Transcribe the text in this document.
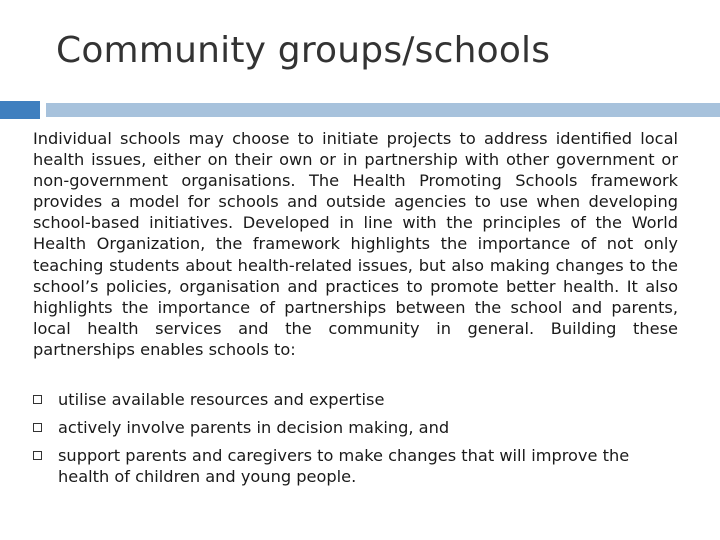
Community groups/schools
Individual schools may choose to initiate projects to address identified local health issues, either on their own or in partnership with other government or non-government organisations. The Health Promoting Schools framework provides a model for schools and outside agencies to use when developing school-based initiatives. Developed in line with the principles of the World Health Organization, the framework highlights the importance of not only teaching students about health-related issues, but also making changes to the school’s policies, organisation and practices to promote better health. It also highlights the importance of partnerships between the school and parents, local health services and the community in general. Building these partnerships enables schools to:
utilise available resources and expertise
actively involve parents in decision making, and
support parents and caregivers to make changes that will improve the health of children and young people.
